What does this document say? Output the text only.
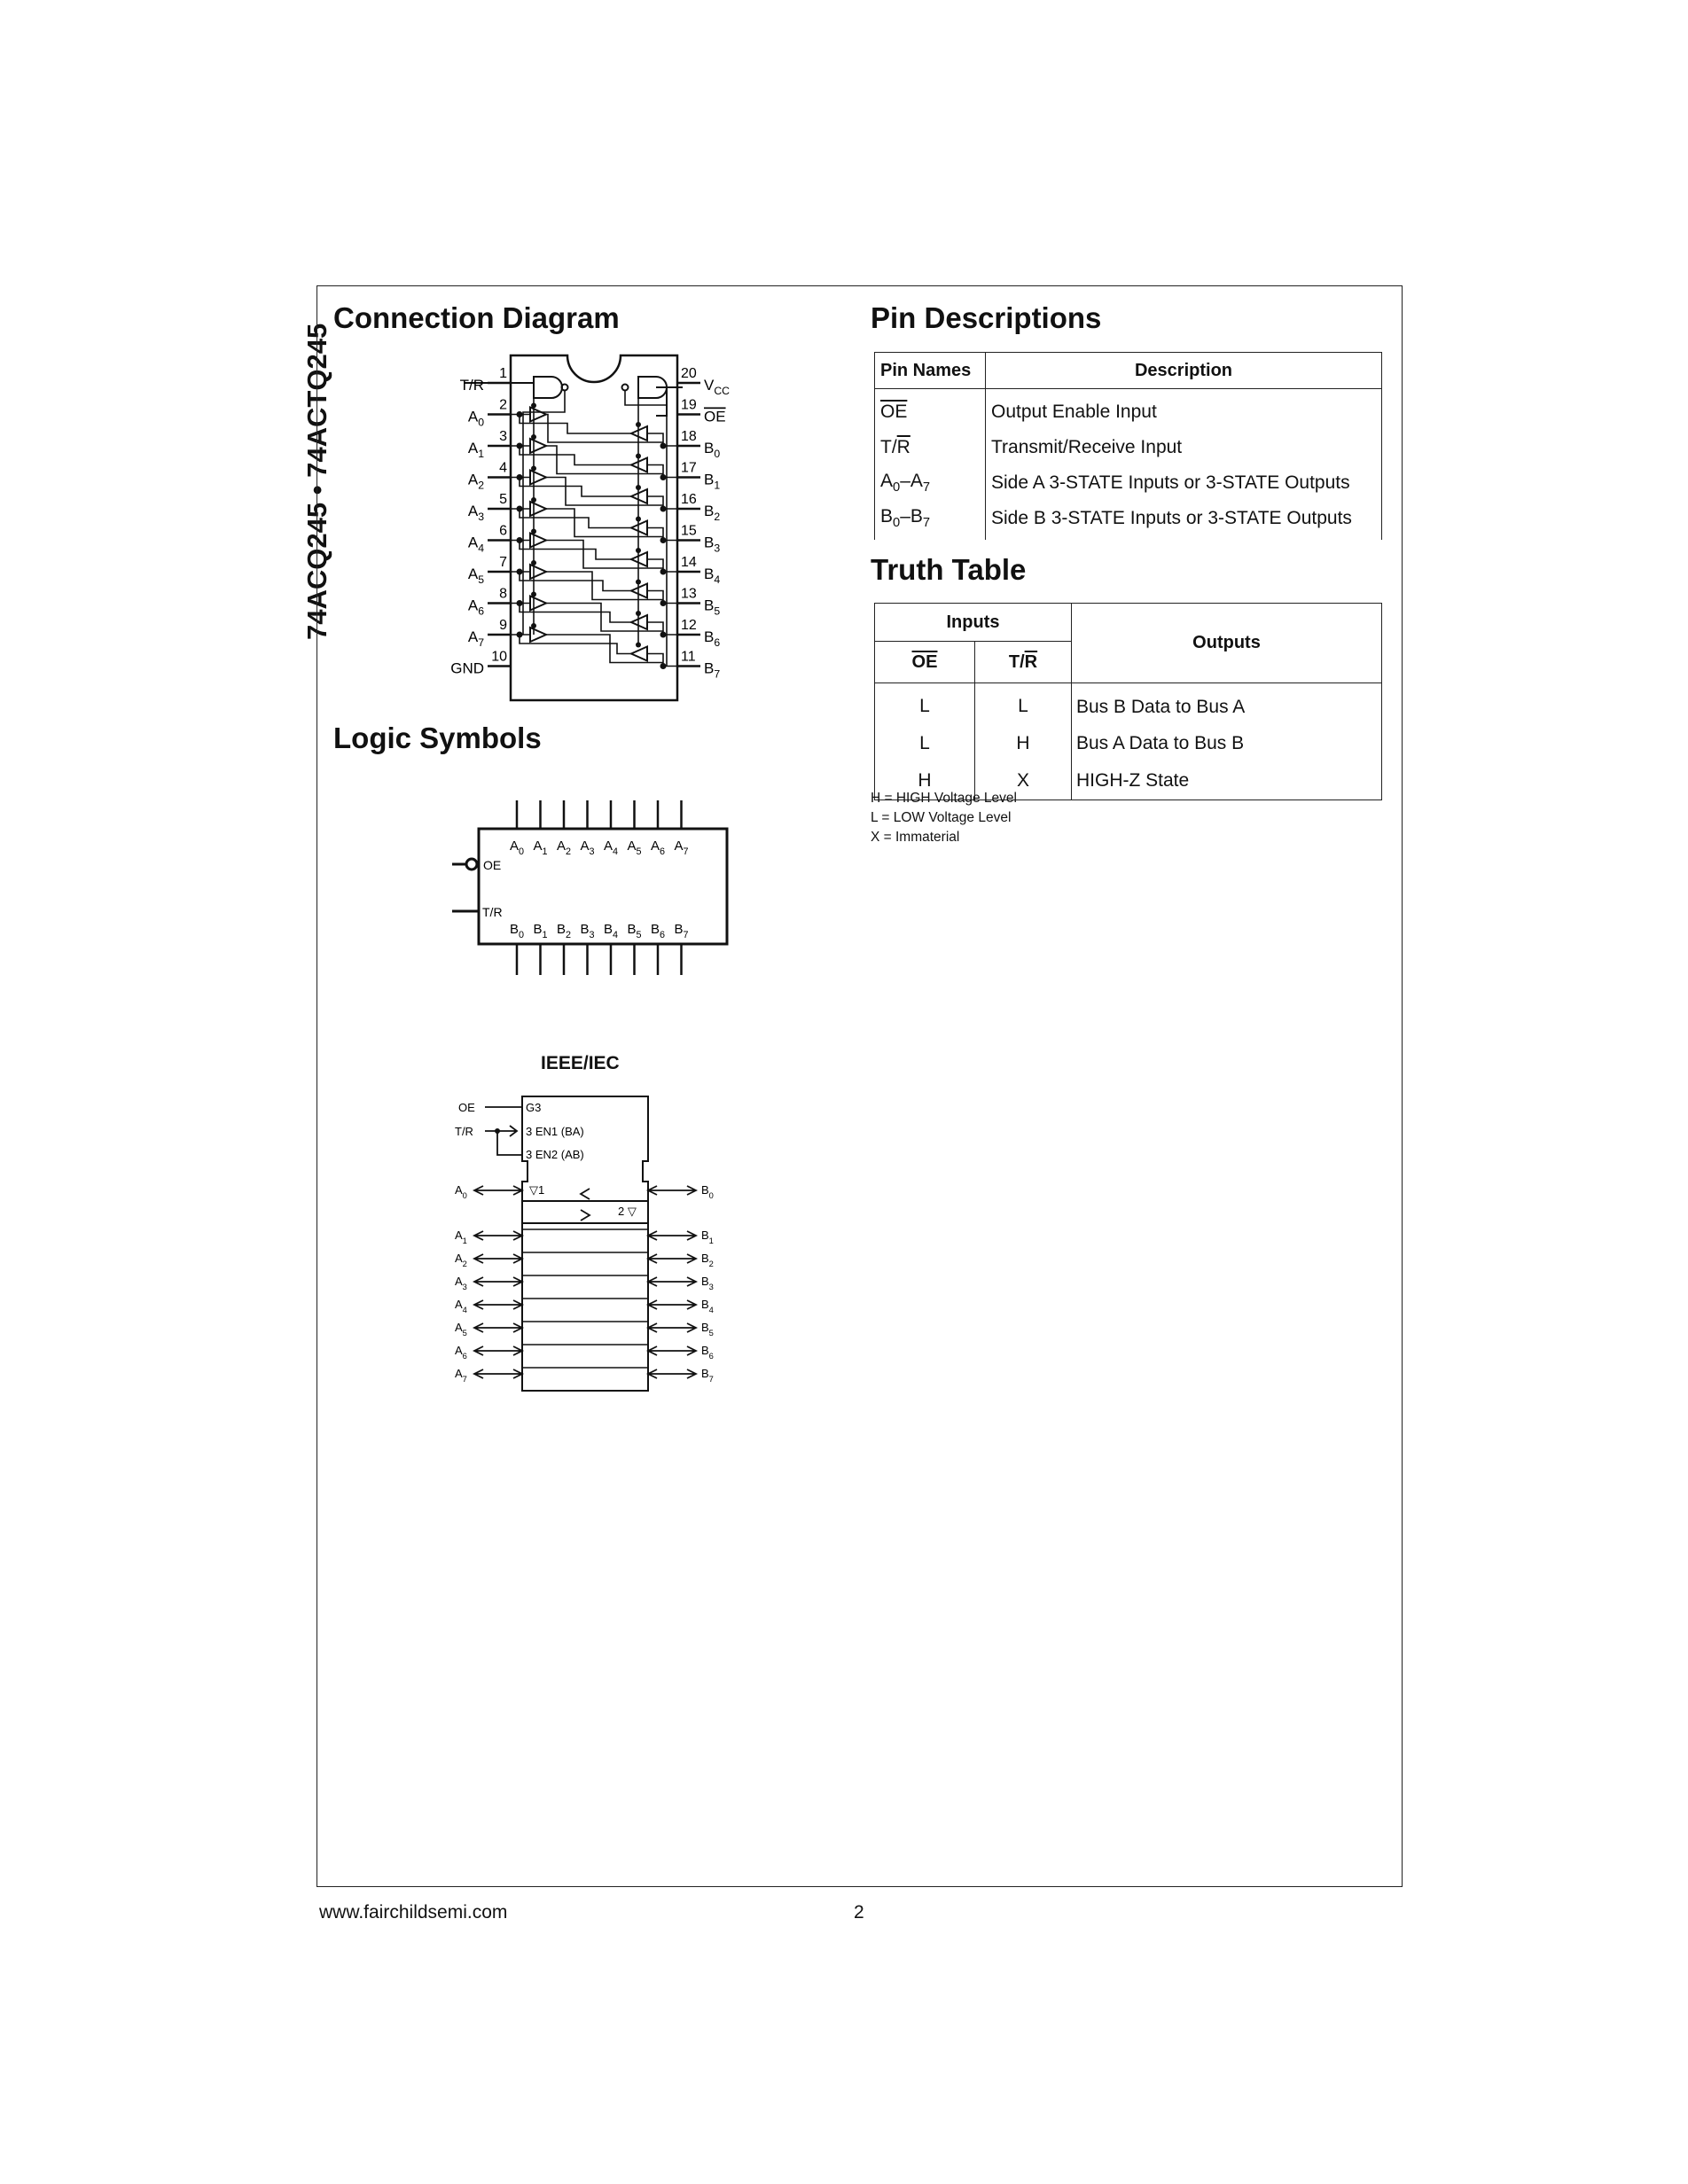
74ACQ245 • 74ACTQ245
Connection Diagram	Pin Descriptions
Logic Symbols
Truth Table
1
T/R
2
$A_0$
3
$A_1$
4
$A_2$
5
$A_3$
6
$A_4$
7
$A_5$
8
$A_6$
9
$A_7$
10
GND
20
$V_{CC}$
19
OE
18
$B_0$
17
$B_1$
16
$B_2$
15
$B_3$
14
$B_4$
13
$B_5$
12
$B_6$
11
$B_7$
Pin Names	Description
$\overline{OE}$	Output Enable Input
$T/\overline{R}$	Transmit/Receive Input
$A_0-A_7$	Side A 3-STATE Inputs or 3-STATE Outputs
$B_0-B_7$	Side B 3-STATE Inputs or 3-STATE Outputs
Inputs		Outputs
$\overline{OE}$	$T/\overline{R}$
L	L	Bus B Data to Bus A
L	H	Bus A Data to Bus B
H	X	HIGH-Z State
H = HIGH Voltage Level
L = LOW Voltage Level
X = Immaterial
$A_0$ $A_1$ $A_2$ $A_3$ $A_4$ $A_5$ $A_6$ $A_7$
$B_0$ $B_1$ $B_2$ $B_3$ $B_4$ $B_5$ $B_6$ $B_7$
OE
T/R
IEEE/IEC
OE	G3
T/R	3 EN1 (BA)
3 EN2 (AB)
▽1
2 ▽
$A_0$
$A_1$
$A_2$
$A_3$
$A_4$
$A_5$
$A_6$
$A_7$
$B_0$
$B_1$
$B_2$
$B_3$
$B_4$
$B_5$
$B_6$
$B_7$
www.fairchildsemi.com	2
